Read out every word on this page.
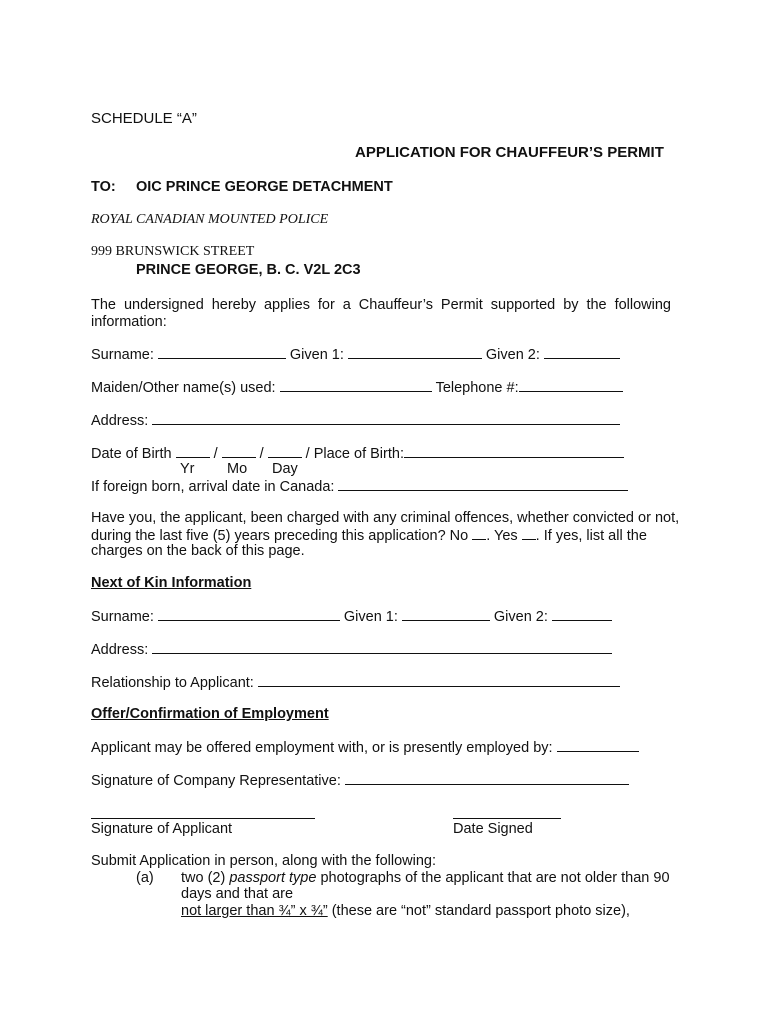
SCHEDULE “A”
APPLICATION FOR CHAUFFEUR’S PERMIT
TO: OIC PRINCE GEORGE DETACHMENT
ROYAL CANADIAN MOUNTED POLICE
999 BRUNSWICK STREET
PRINCE GEORGE, B. C. V2L 2C3
The undersigned hereby applies for a Chauffeur’s Permit supported by the following information:
Surname:	Given 1:	Given 2:
Maiden/Other name(s) used:	Telephone #:
Address:
Date of Birth	/	/	/ Place of Birth:
Yr Mo Day
If foreign born, arrival date in Canada:
Have you, the applicant, been charged with any criminal offences, whether convicted or not,
during the last five (5) years preceding this application? No . Yes . If yes, list all the
charges on the back of this page.
Next of Kin Information
Surname:	Given 1:	Given 2:
Address:
Relationship to Applicant:
Offer/Confirmation of Employment
Applicant may be offered employment with, or is presently employed by:
Signature of Company Representative:
Signature of Applicant	Date Signed
Submit Application in person, along with the following:
(a) two (2) passport type photographs of the applicant that are not older than 90
days and that are
not larger than ¾” x ¾” (these are “not” standard passport photo size),
